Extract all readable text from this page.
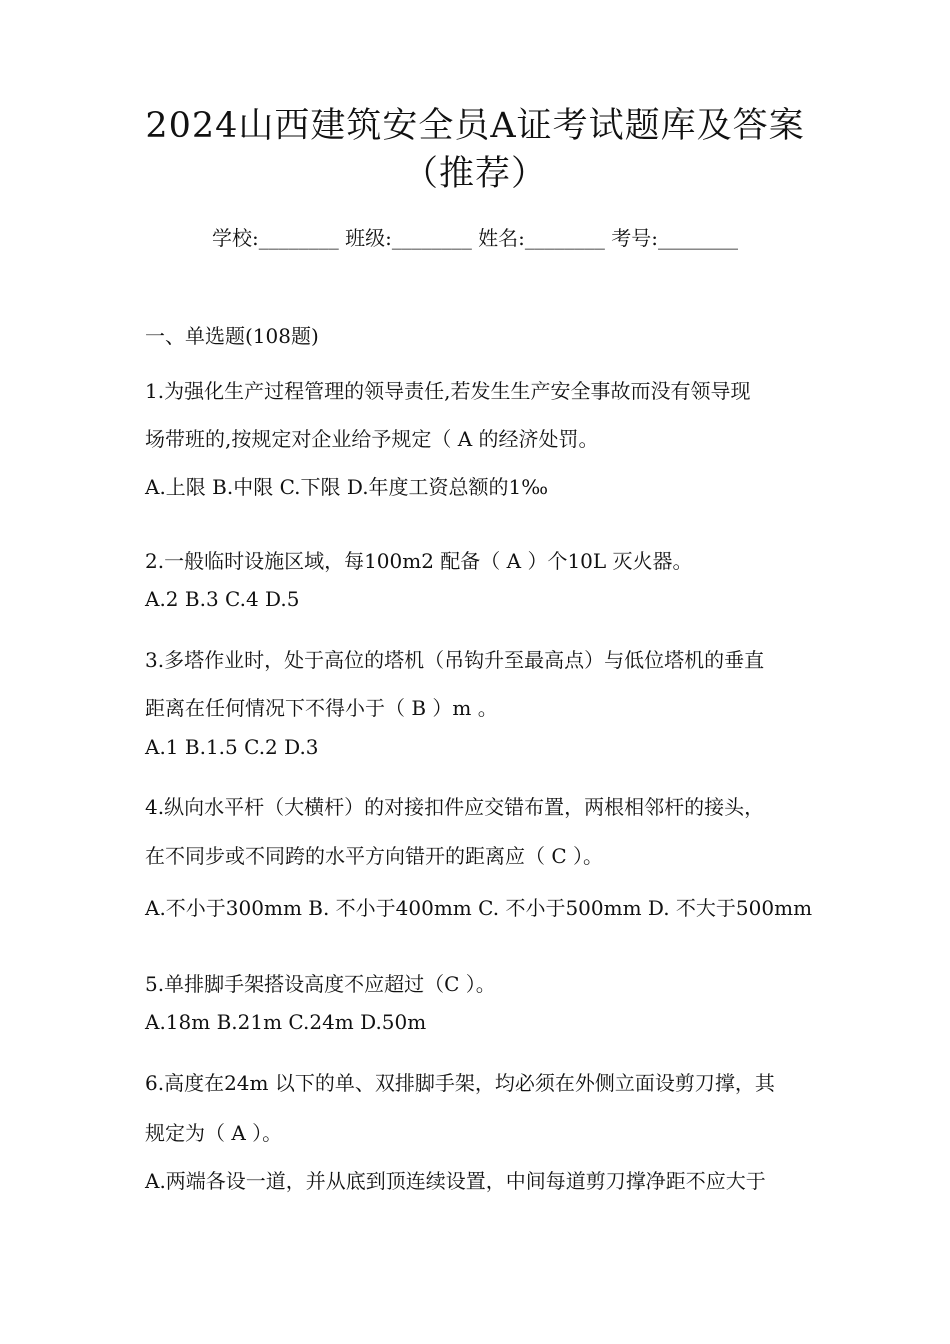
2024山西建筑安全员A证考试题库及答案
（推荐）
学校:________ 班级:________ 姓名:________ 考号:________
一、单选题(108题)
1.为强化生产过程管理的领导责任,若发生生产安全事故而没有领导现
场带班的,按规定对企业给予规定（ A 的经济处罚。
A.上限 B.中限 C.下限 D.年度工资总额的1‰
2.一般临时设施区域，每100m2 配备（ A ）个10L 灭火器。
A.2 B.3 C.4 D.5
3.多塔作业时，处于高位的塔机（吊钩升至最高点）与低位塔机的垂直
距离在任何情况下不得小于（ B ）m 。
A.1 B.1.5 C.2 D.3
4.纵向水平杆（大横杆）的对接扣件应交错布置，两根相邻杆的接头，
在不同步或不同跨的水平方向错开的距离应（ C ）。
A.不小于300mm B. 不小于400mm C. 不小于500mm D. 不大于500mm
5.单排脚手架搭设高度不应超过（C ）。
A.18m B.21m C.24m D.50m
6.高度在24m 以下的单、双排脚手架，均必须在外侧立面设剪刀撑，其
规定为（ A ）。
A.两端各设一道，并从底到顶连续设置，中间每道剪刀撑净距不应大于
